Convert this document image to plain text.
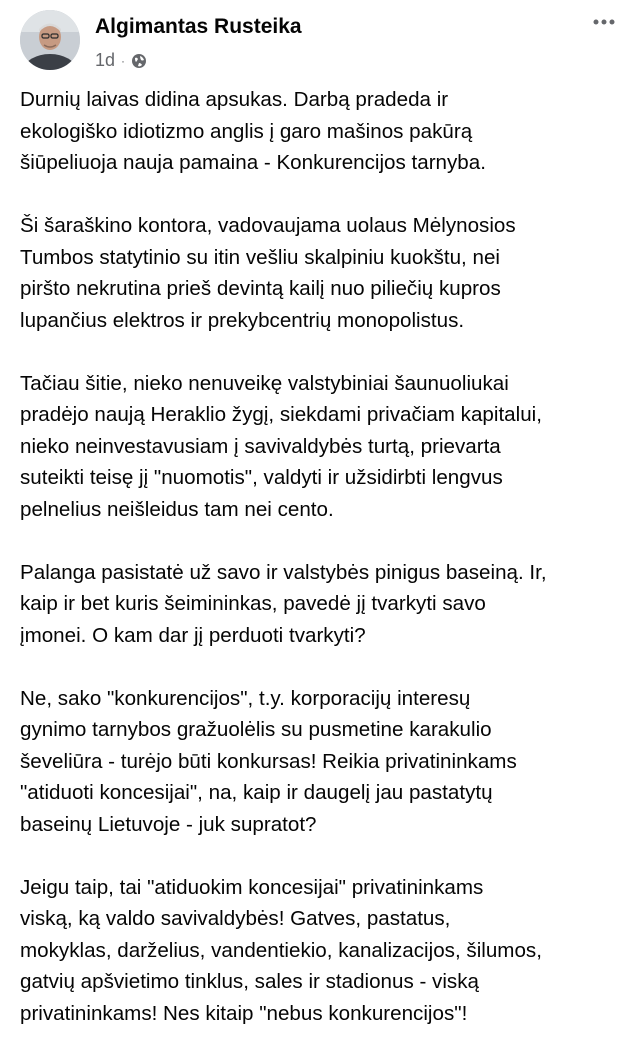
Algimantas Rusteika
1d ·

Durnių laivas didina apsukas. Darbą pradeda ir
ekologiško idiotizmo anglis į garo mašinos pakūrą
šiūpeliuoja nauja pamaina - Konkurencijos tarnyba.

Ši šaraškino kontora, vadovaujama uolaus Mėlynosios
Tumbos statytinio su itin vešliu skalpiniu kuokštu, nei
piršto nekrutina prieš devintą kailį nuo piliečių kupros
lupančius elektros ir prekybcentrių monopolistus.

Tačiau šitie, nieko nenuveikę valstybiniai šaunuoliukai
pradėjo naują Heraklio žygį, siekdami privačiam kapitalui,
nieko neinvestavusiam į savivaldybės turtą, prievarta
suteikti teisę jį "nuomotis", valdyti ir užsidirbti lengvus
pelnelius neišleidus tam nei cento.

Palanga pasistatė už savo ir valstybės pinigus baseiną. Ir,
kaip ir bet kuris šeimininkas, pavedė jį tvarkyti savo
įmonei. O kam dar jį perduoti tvarkyti?

Ne, sako "konkurencijos", t.y. korporacijų interesų
gynimo tarnybos gražuolėlis su pusmetine karakulio
ševeliūra - turėjo būti konkursas! Reikia privatininkams
"atiduoti koncesijai", na, kaip ir daugelį jau pastatytų
baseinų Lietuvoje - juk supratot?

Jeigu taip, tai "atiduokim koncesijai" privatininkams
viską, ką valdo savivaldybės! Gatves, pastatus,
mokyklas, darželius, vandentiekio, kanalizacijos, šilumos,
gatvių apšvietimo tinklus, sales ir stadionus - viską
privatininkams! Nes kitaip "nebus konkurencijos"!
